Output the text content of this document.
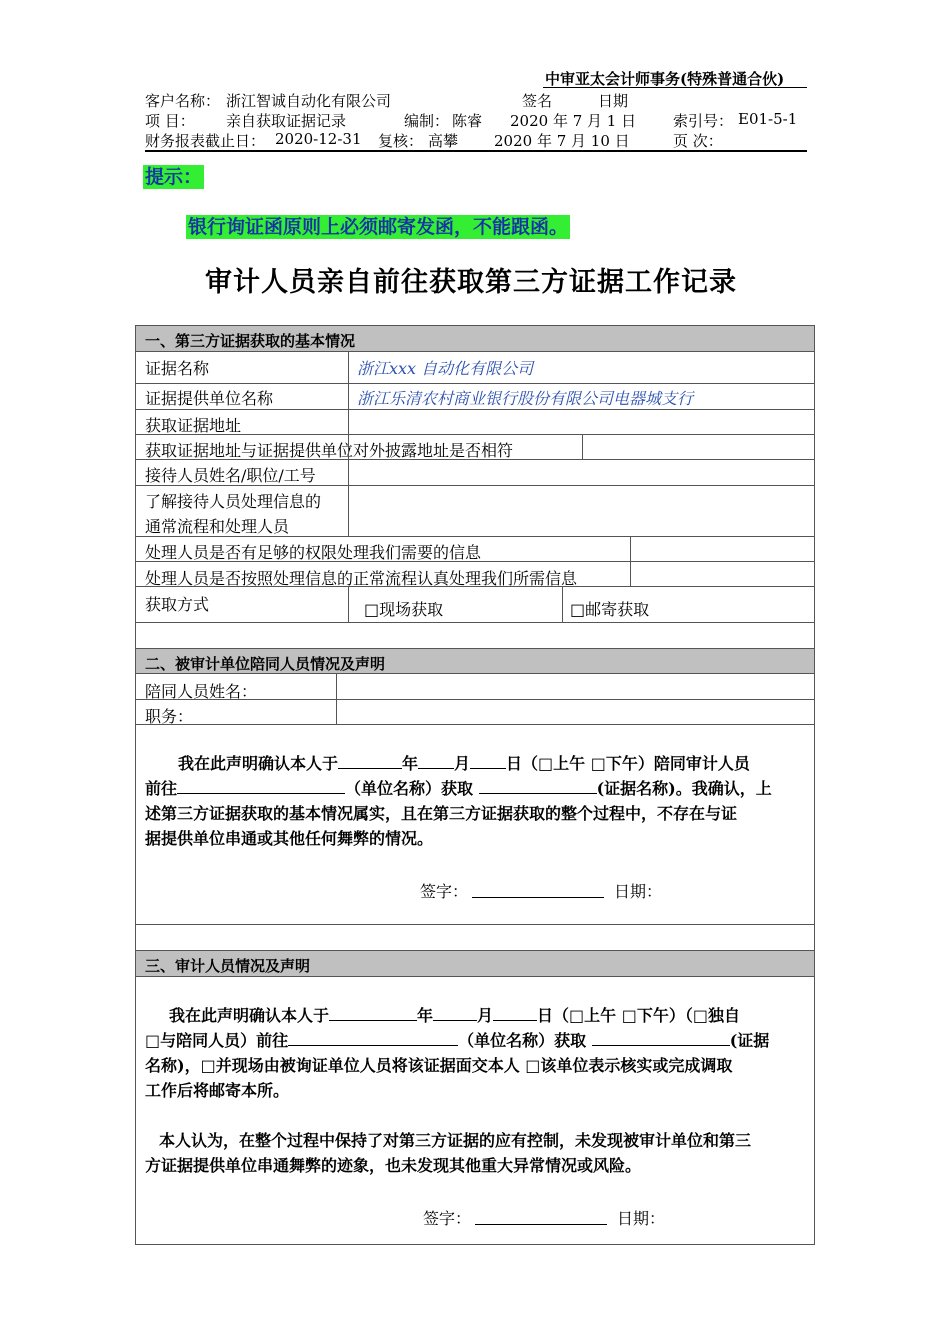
中审亚太会计师事务(特殊普通合伙)
客户名称： 浙江智诚自动化有限公司	签名	日期
项 目： 亲自获取证据记录	编制： 陈睿 2020 年 7 月 1 日 索引号： E01-5-1
财务报表截止日： 2020-12-31 复核： 高攀 2020 年 7 月 10 日	页 次：
提示：
银行询证函原则上必须邮寄发函，不能跟函。
审计人员亲自前往获取第三方证据工作记录
一、第三方证据获取的基本情况
证据名称	浙江xxx 自动化有限公司
证据提供单位名称	浙江乐清农村商业银行股份有限公司电器城支行
获取证据地址
获取证据地址与证据提供单位对外披露地址是否相符
接待人员姓名/职位/工号
了解接待人员处理信息的
通常流程和处理人员
处理人员是否有足够的权限处理我们需要的信息
处理人员是否按照处理信息的正常流程认真处理我们所需信息
获取方式	□现场获取	□邮寄获取
二、被审计单位陪同人员情况及声明
陪同人员姓名：
职务：
我在此声明确认本人于	年 月 日（□上午 □下午）陪同审计人员
前往	（单位名称）获取	(证据名称)。我确认，上
述第三方证据获取的基本情况属实，且在第三方证据获取的整个过程中，不存在与证
据提供单位串通或其他任何舞弊的情况。
签字：	日期：
三、审计人员情况及声明
我在此声明确认本人于	年	月	日（□上午 □下午）（□独自
□与陪同人员）前往	（单位名称）获取	(证据
名称)，□并现场由被询证单位人员将该证据面交本人 □该单位表示核实或完成调取
工作后将邮寄本所。
本人认为，在整个过程中保持了对第三方证据的应有控制，未发现被审计单位和第三
方证据提供单位串通舞弊的迹象，也未发现其他重大异常情况或风险。
签字：	日期：
